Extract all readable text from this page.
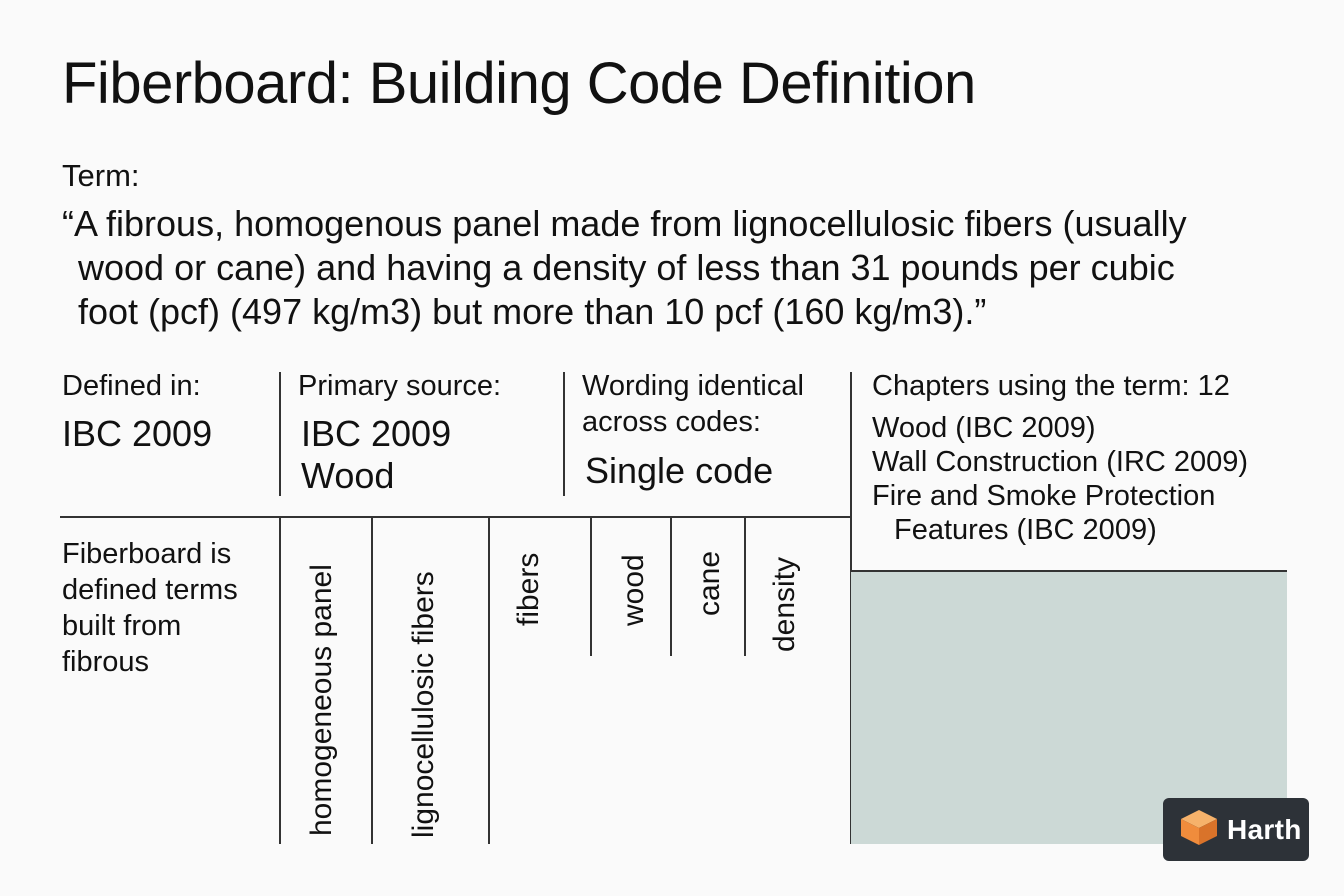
Fiberboard: Building Code Definition
Term:
“A fibrous, homogenous panel made from lignocellulosic fibers (usually
wood or cane) and having a density of less than 31 pounds per cubic
foot (pcf) (497 kg/m3) but more than 10 pcf (160 kg/m3).”
Defined in:
IBC 2009
Primary source:
IBC 2009
Wood
Wording identical
across codes:
Single code
Chapters using the term: 12
Wood (IBC 2009)
Wall Construction (IRC 2009)
Fire and Smoke Protection
Features (IBC 2009)
Fiberboard is
defined terms
built from
fibrous	homogeneous panel lignocellulosic fibers fibers wood cane density
Harth
